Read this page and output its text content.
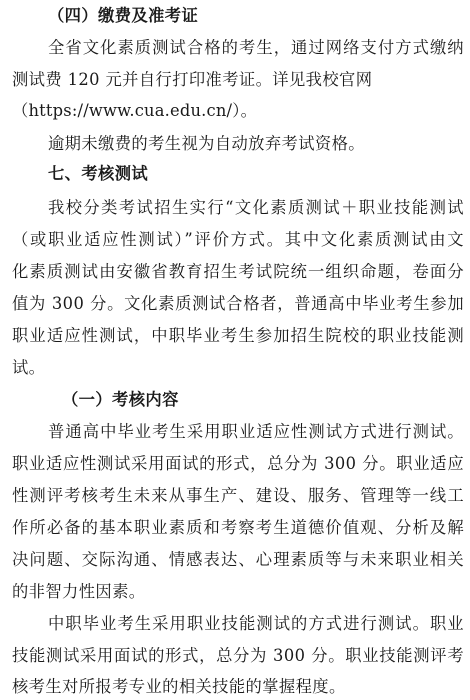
（四）缴费及准考证
全省文化素质测试合格的考生，通过网络支付方式缴纳
测试费 120 元并自行打印准考证。详见我校官网
（https://www.cua.edu.cn/）。
逾期未缴费的考生视为自动放弃考试资格。
七、考核测试
我校分类考试招生实行“文化素质测试＋职业技能测试
（或职业适应性测试）”评价方式。其中文化素质测试由文
化素质测试由安徽省教育招生考试院统一组织命题，卷面分
值为 300 分。文化素质测试合格者，普通高中毕业考生参加
职业适应性测试，中职毕业考生参加招生院校的职业技能测
试。
（一）考核内容
普通高中毕业考生采用职业适应性测试方式进行测试。
职业适应性测试采用面试的形式，总分为 300 分。职业适应
性测评考核考生未来从事生产、建设、服务、管理等一线工
作所必备的基本职业素质和考察考生道德价值观、分析及解
决问题、交际沟通、情感表达、心理素质等与未来职业相关
的非智力性因素。
中职毕业考生采用职业技能测试的方式进行测试。职业
技能测试采用面试的形式，总分为 300 分。职业技能测评考
核考生对所报考专业的相关技能的掌握程度。
